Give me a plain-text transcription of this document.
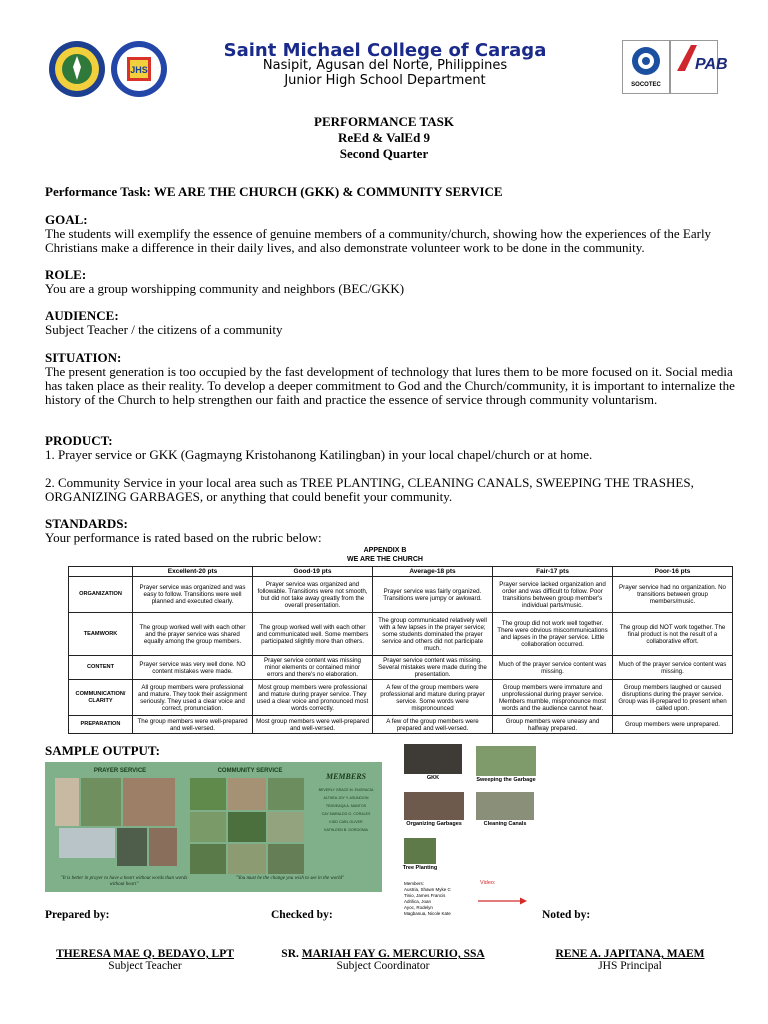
JHS
Saint Michael College of Caraga
Nasipit, Agusan del Norte, Philippines
Junior High School Department	SOCOTEC
PAB
PERFORMANCE TASK
ReEd & ValEd 9
Second Quarter
Performance Task: WE ARE THE CHURCH (GKK) & COMMUNITY SERVICE
GOAL:
The students will exemplify the essence of genuine members of a community/church, showing how the experiences of the Early Christians make a difference in their daily lives, and also demonstrate volunteer work to be done in the community.
ROLE:
You are a group worshipping community and neighbors (BEC/GKK)
AUDIENCE:
Subject Teacher / the citizens of a community
SITUATION:
The present generation is too occupied by the fast development of technology that lures them to be more focused on it. Social media has taken place as their reality. To develop a deeper commitment to God and the Church/community, it is important to internalize the history of the Church to help strengthen our faith and practice the essence of service through community voluntarism.
PRODUCT:
1. Prayer service or GKK (Gagmayng Kristohanong Katilingban) in your local chapel/church or at home.
2. Community Service in your local area such as TREE PLANTING, CLEANING CANALS, SWEEPING THE TRASHES, ORGANIZING GARBAGES, or anything that could benefit your community.
STANDARDS:
Your performance is rated based on the rubric below:
APPENDIX B
WE ARE THE CHURCH
	Excellent-20 pts	Good-19 pts	Average-18 pts	Fair-17 pts	Poor-16 pts
ORGANIZATION	Prayer service was organized and was easy to follow. Transitions were well planned and executed clearly.	Prayer service was organized and followable. Transitions were not smooth, but did not take away greatly from the overall presentation.	Prayer service was fairly organized. Transitions were jumpy or awkward.	Prayer service lacked organization and order and was difficult to follow. Poor transitions between group member's individual parts/music.	Prayer service had no organization. No transitions between group members/music.
TEAMWORK	The group worked well with each other and the prayer service was shared equally among the group members.	The group worked well with each other and communicated well. Some members participated slightly more than others.	The group communicated relatively well with a few lapses in the prayer service; some students dominated the prayer service and others did not participate much.	The group did not work well together. There were obvious miscommunications and lapses in the prayer service. Little collaboration occurred.	The group did NOT work together. The final product is not the result of a collaborative effort.
CONTENT	Prayer service was very well done. NO content mistakes were made.	Prayer service content was missing minor elements or contained minor errors and there's no elaboration.	Prayer service content was missing. Several mistakes were made during the presentation.	Much of the prayer service content was missing.	Much of the prayer service content was missing.
COMMUNICATION/ CLARITY	All group members were professional and mature. They took their assignment seriously. They used a clear voice and correct, pronunciation.	Most group members were professional and mature during prayer service. They used a clear voice and pronounced most words correctly.	A few of the group members were professional and mature during prayer service. Some words were mispronounced	Group members were immature and unprofessional during prayer service. Members mumble, mispronounce most words and the audience cannot hear.	Group members laughed or caused disruptions during the prayer service. Group was ill-prepared to present when called upon.
PREPARATION	The group members were well-prepared and well-versed.	Most group members were well-prepared and well-versed.	A few of the group members were prepared and well-versed.	Group members were uneasy and halfway prepared.	Group members were unprepared.
SAMPLE OUTPUT:
PRAYER SERVICE	COMMUNITY SERVICE
MEMBERS
BEVERLY GRACE M. ENGRACIA
ALTHEA JOY Y. ASUNCION
TEMVEAQA A. MANTOS
CAY MARALDO G. CORALES
KIDD CARL OLIVER
KATHLEEN B. GORGONIA
"It is better in prayer to have a heart without words than words without heart"
"You must be the change you wish to see in the world"
GKK	Sweeping the Garbage
Organizing Garbages	Cleaning Canals
Tree Planting
Members:
Austria, Shawn Myke C
Tinio, James Francis
Adrilica, Joan
Ayoc, Rodelyn
Magbanua, Nicole Kate
Video:
Prepared by:	Checked by:	Noted by:
THERESA MAE Q. BEDAYO, LPT
Subject Teacher
SR. MARIAH FAY G. MERCURIO, SSA
Subject Coordinator
RENE A. JAPITANA, MAEM
JHS Principal
